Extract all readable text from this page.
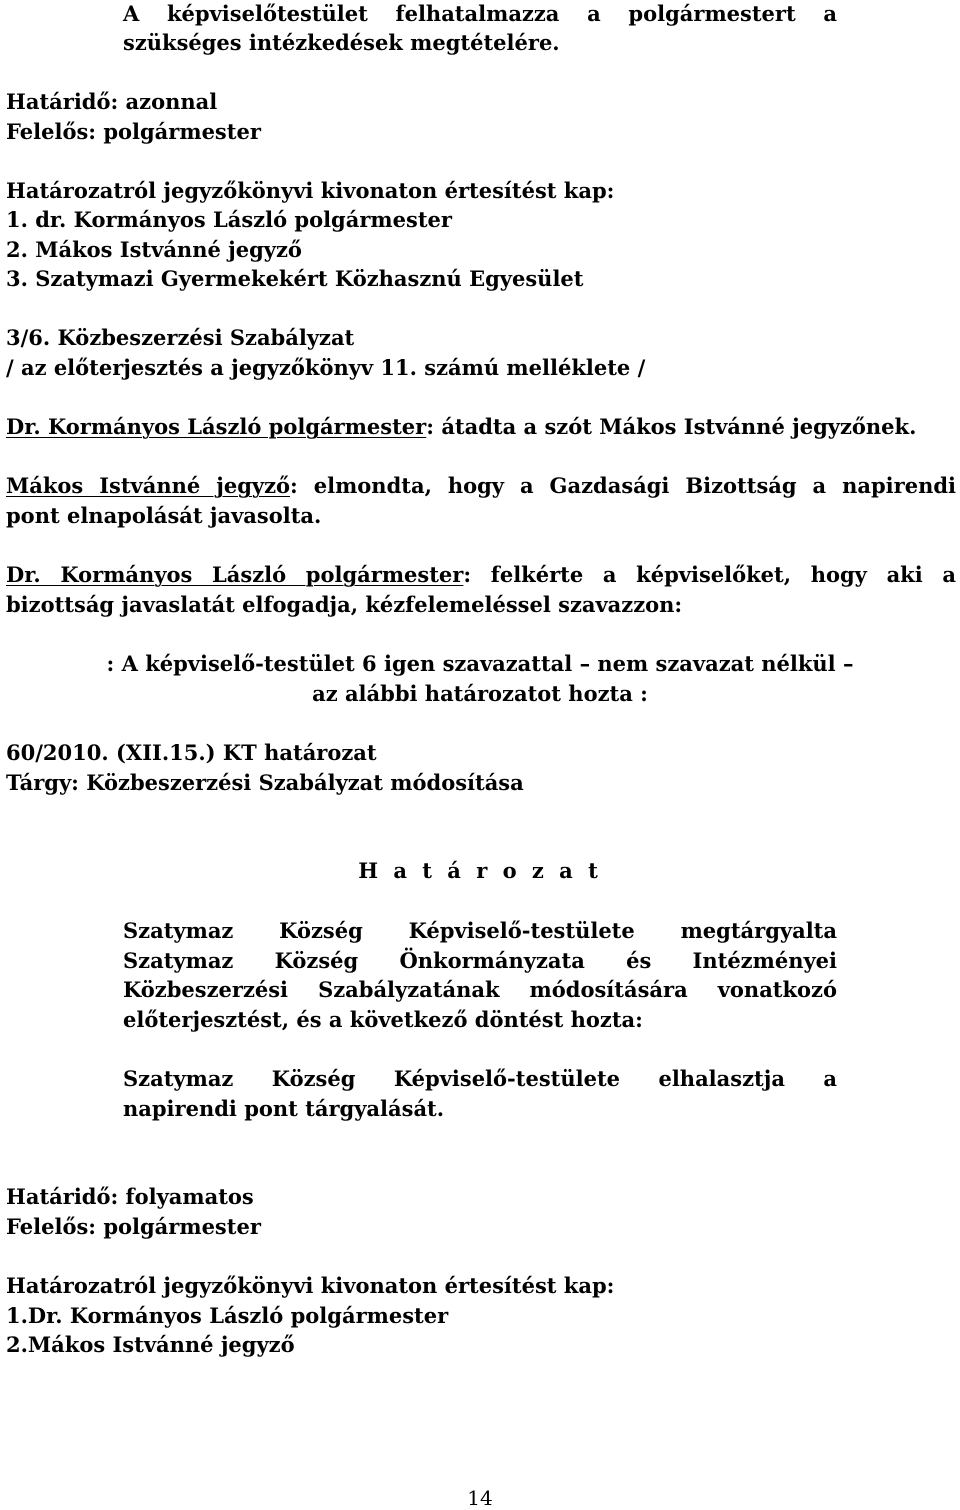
A képviselőtestület felhatalmazza a polgármestert a
szükséges intézkedések megtételére.
Határidő: azonnal
Felelős: polgármester
Határozatról jegyzőkönyvi kivonaton értesítést kap:
1. dr. Kormányos László polgármester
2. Mákos Istvánné jegyző
3. Szatymazi Gyermekekért Közhasznú Egyesület
3/6. Közbeszerzési Szabályzat
/ az előterjesztés a jegyzőkönyv 11. számú melléklete /
Dr. Kormányos László polgármester: átadta a szót Mákos Istvánné jegyzőnek.
Mákos Istvánné jegyző: elmondta, hogy a Gazdasági Bizottság a napirendi
pont elnapolását javasolta.
Dr. Kormányos László polgármester: felkérte a képviselőket, hogy aki a
bizottság javaslatát elfogadja, kézfelemeléssel szavazzon:
: A képviselő-testület 6 igen szavazattal – nem szavazat nélkül –
az alábbi határozatot hozta :
60/2010. (XII.15.) KT határozat
Tárgy: Közbeszerzési Szabályzat módosítása
H a t á r o z a t
Szatymaz Község Képviselő-testülete megtárgyalta
Szatymaz Község Önkormányzata és Intézményei
Közbeszerzési Szabályzatának módosítására vonatkozó
előterjesztést, és a következő döntést hozta:
Szatymaz Község Képviselő-testülete elhalasztja a
napirendi pont tárgyalását.
Határidő: folyamatos
Felelős: polgármester
Határozatról jegyzőkönyvi kivonaton értesítést kap:
1.Dr. Kormányos László polgármester
2.Mákos Istvánné jegyző
14
